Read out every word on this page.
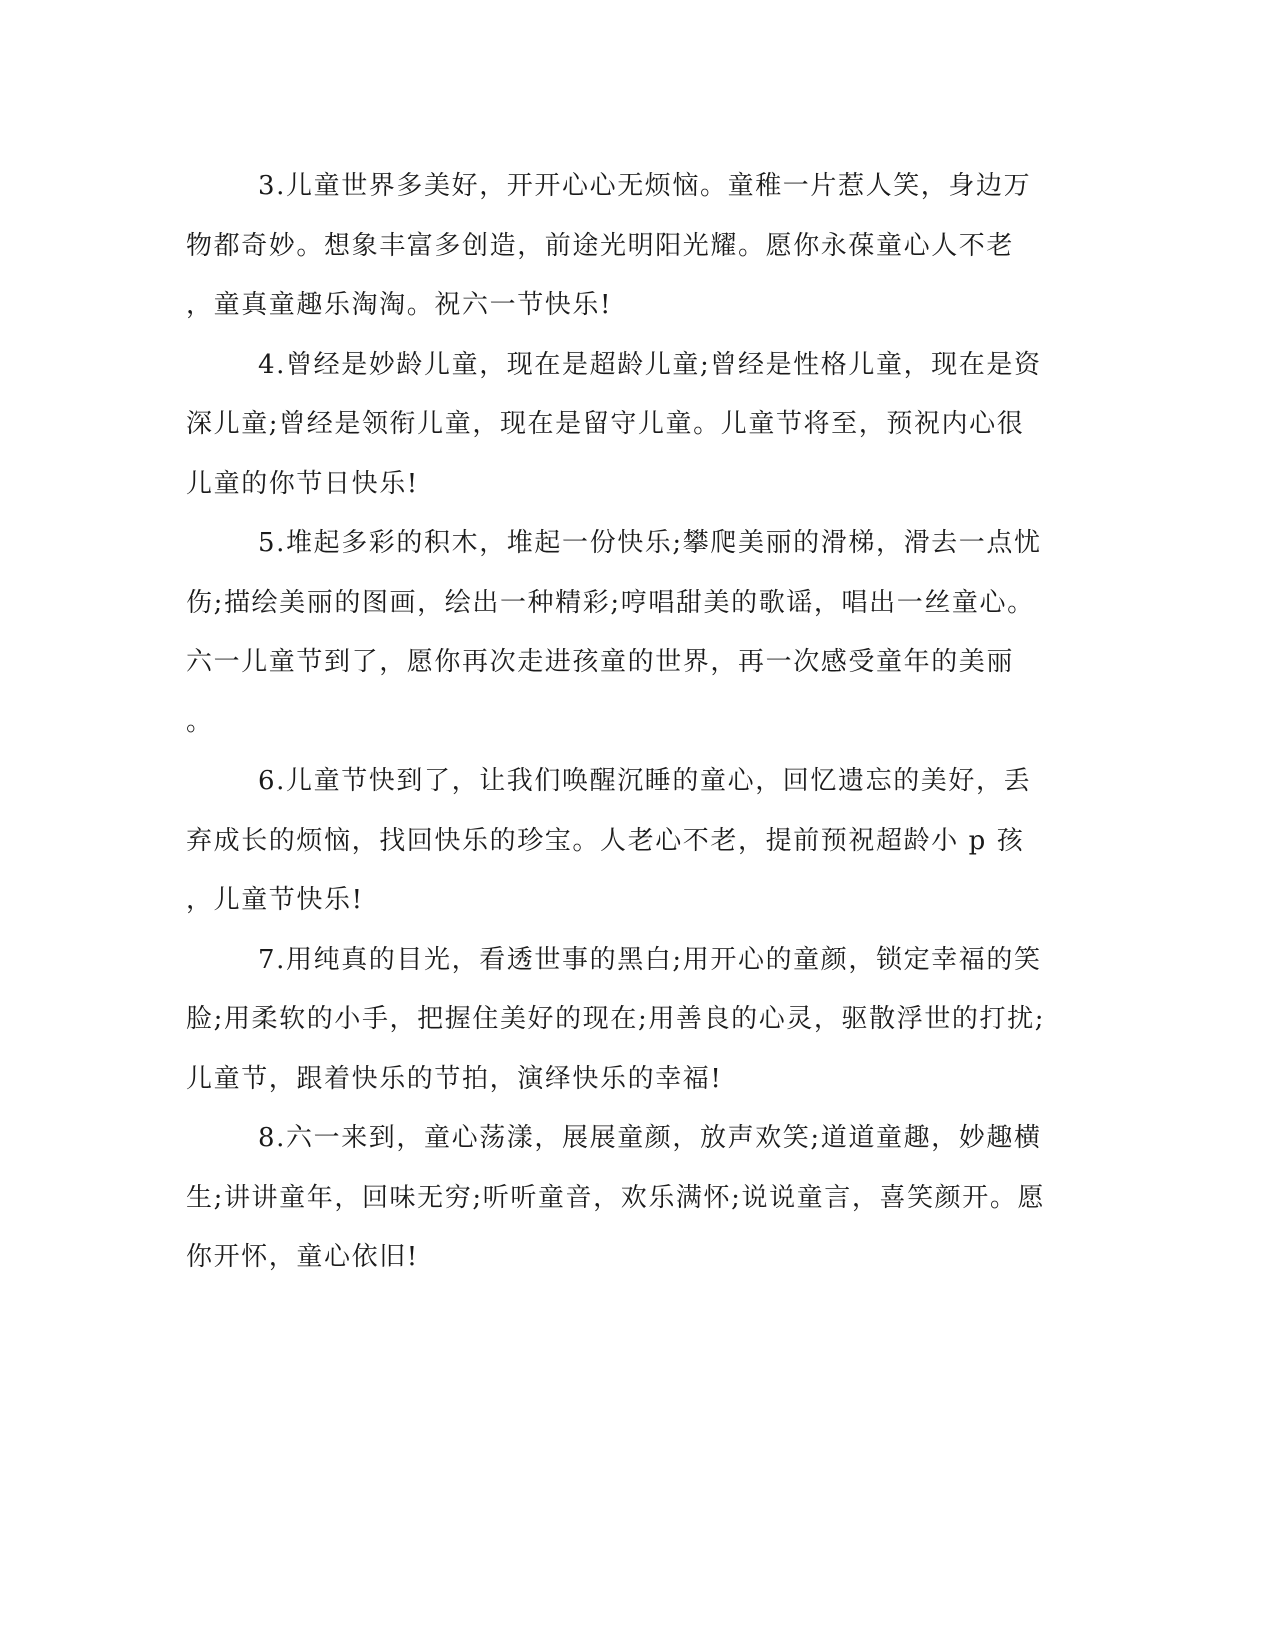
3.儿童世界多美好，开开心心无烦恼。童稚一片惹人笑，身边万
物都奇妙。想象丰富多创造，前途光明阳光耀。愿你永葆童心人不老
，童真童趣乐淘淘。祝六一节快乐!
4.曾经是妙龄儿童，现在是超龄儿童;曾经是性格儿童，现在是资
深儿童;曾经是领衔儿童，现在是留守儿童。儿童节将至，预祝内心很
儿童的你节日快乐!
5.堆起多彩的积木，堆起一份快乐;攀爬美丽的滑梯，滑去一点忧
伤;描绘美丽的图画，绘出一种精彩;哼唱甜美的歌谣，唱出一丝童心。
六一儿童节到了，愿你再次走进孩童的世界，再一次感受童年的美丽
。
6.儿童节快到了，让我们唤醒沉睡的童心，回忆遗忘的美好，丢
弃成长的烦恼，找回快乐的珍宝。人老心不老，提前预祝超龄小 p 孩
，儿童节快乐!
7.用纯真的目光，看透世事的黑白;用开心的童颜，锁定幸福的笑
脸;用柔软的小手，把握住美好的现在;用善良的心灵，驱散浮世的打扰;
儿童节，跟着快乐的节拍，演绎快乐的幸福!
8.六一来到，童心荡漾，展展童颜，放声欢笑;道道童趣，妙趣横
生;讲讲童年，回味无穷;听听童音，欢乐满怀;说说童言，喜笑颜开。愿
你开怀，童心依旧!
